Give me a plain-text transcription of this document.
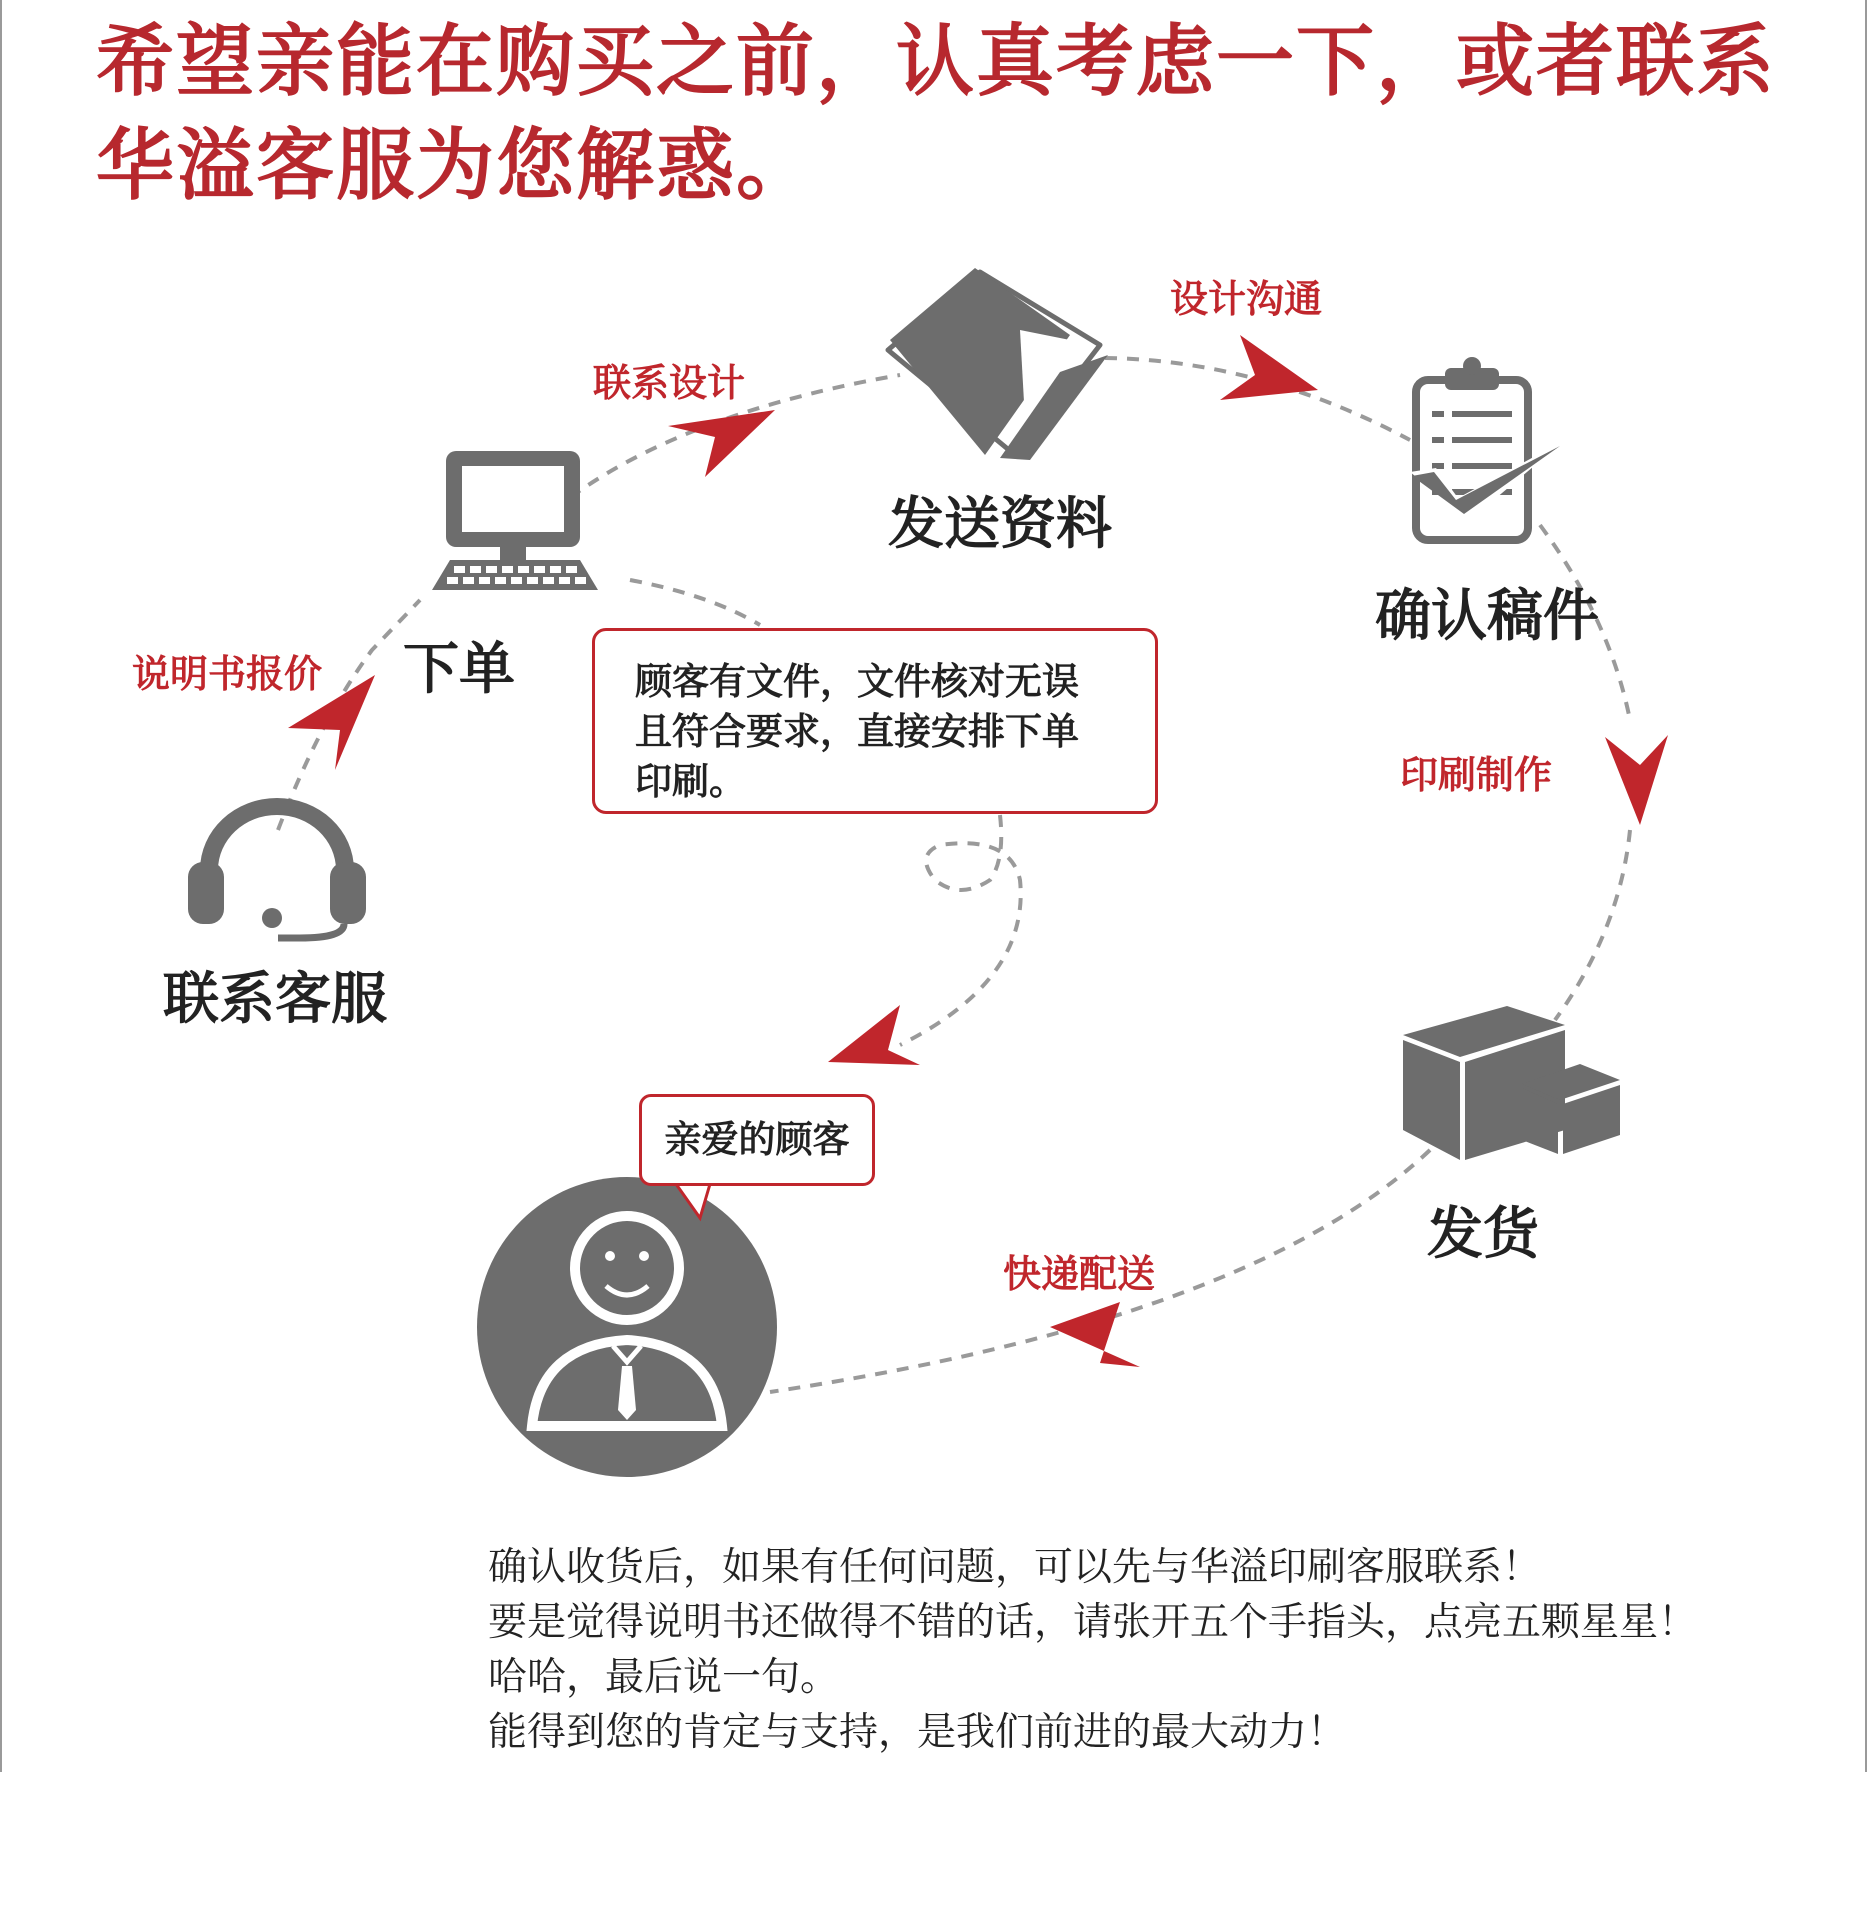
希望亲能在购买之前，认真考虑一下，或者联系
华溢客服为您解惑。
下单
发送资料
确认稿件
联系客服
发货
说明书报价
联系设计
设计沟通
印刷制作
快递配送
顾客有文件，文件核对无误
且符合要求，直接安排下单
印刷。
亲爱的顾客

确认收货后，如果有任何问题，可以先与华溢印刷客服联系！
要是觉得说明书还做得不错的话，请张开五个手指头，点亮五颗星星！
哈哈，最后说一句。
能得到您的肯定与支持，是我们前进的最大动力！
